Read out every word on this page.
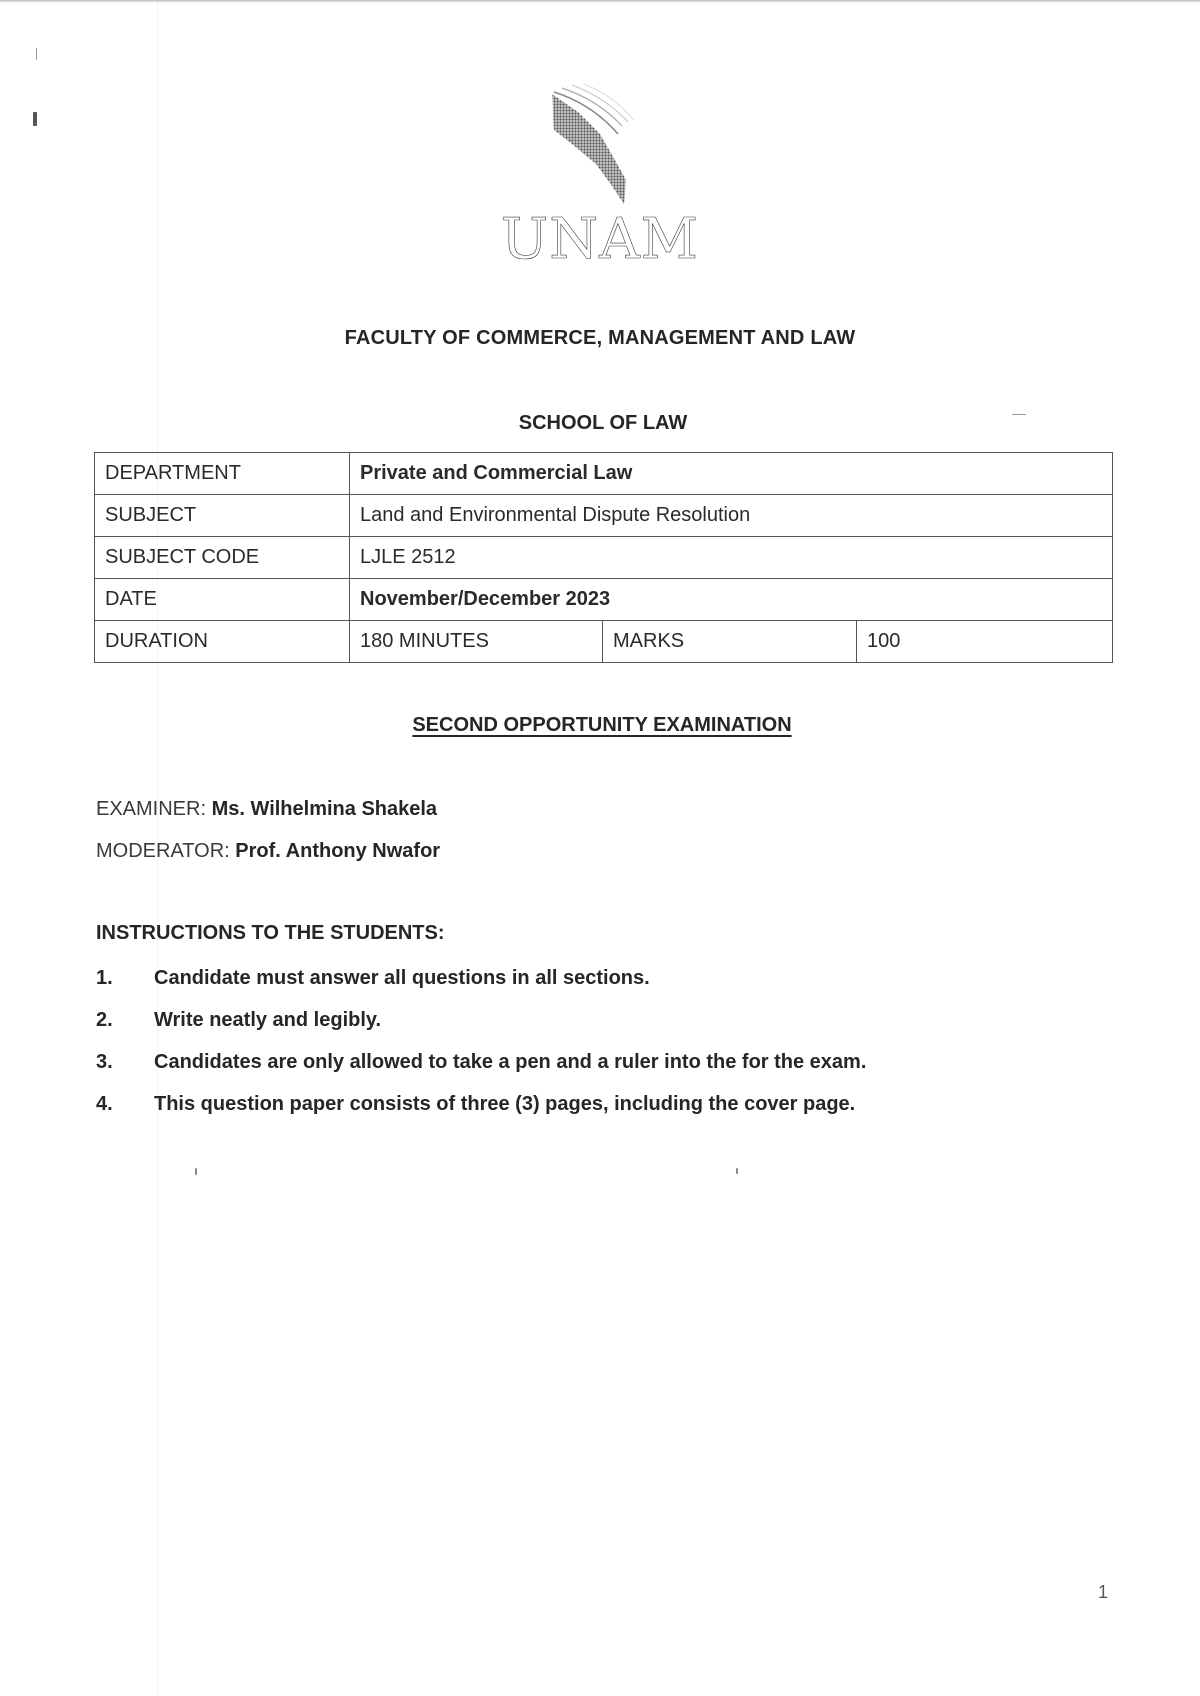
UNAM
FACULTY OF COMMERCE, MANAGEMENT AND LAW
SCHOOL OF LAW
DEPARTMENT	Private and Commercial Law		
SUBJECT	Land and Environmental Dispute Resolution		
SUBJECT CODE	LJLE 2512		
DATE	November/December 2023		
DURATION	180 MINUTES	MARKS	100
SECOND OPPORTUNITY EXAMINATION
EXAMINER: Ms. Wilhelmina Shakela
MODERATOR: Prof. Anthony Nwafor
INSTRUCTIONS TO THE STUDENTS:
1. Candidate must answer all questions in all sections.
2. Write neatly and legibly.
3. Candidates are only allowed to take a pen and a ruler into the for the exam.
4. This question paper consists of three (3) pages, including the cover page.
1
